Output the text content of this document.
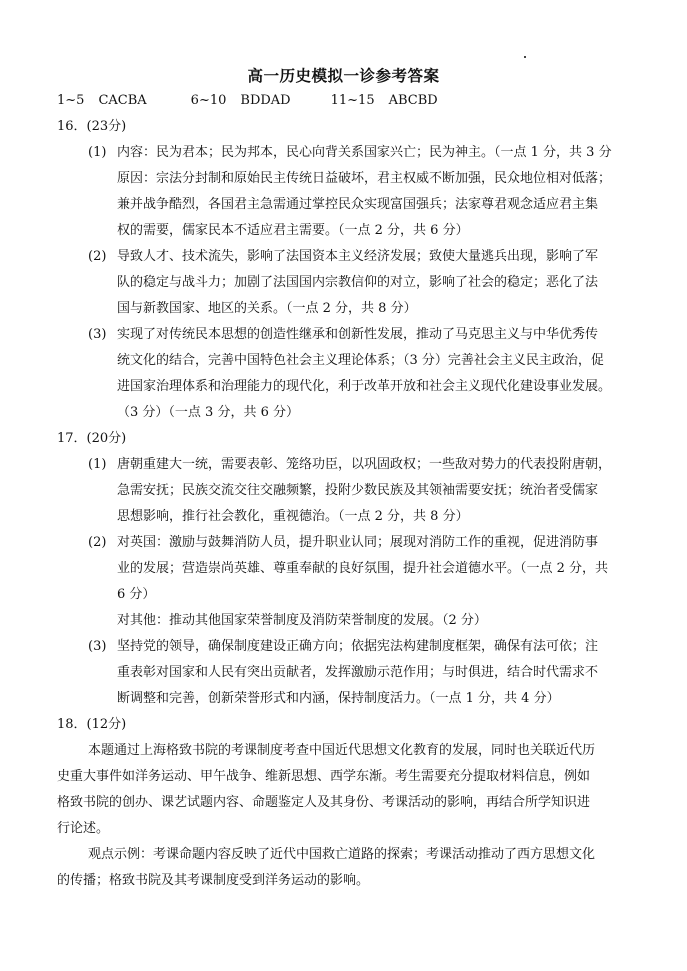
高一历史模拟一诊参考答案
1~5 CACBA	6~10 BDDAD	11~15 ABCBD
16．(23分)
(1) 内容：民为君本；民为邦本，民心向背关系国家兴亡；民为神主。（一点 1 分，共 3 分
原因：宗法分封制和原始民主传统日益破坏，君主权威不断加强，民众地位相对低落；
兼并战争酷烈，各国君主急需通过掌控民众实现富国强兵；法家尊君观念适应君主集
权的需要，儒家民本不适应君主需要。（一点 2 分，共 6 分）
(2) 导致人才、技术流失，影响了法国资本主义经济发展；致使大量逃兵出现，影响了军
队的稳定与战斗力；加剧了法国国内宗教信仰的对立，影响了社会的稳定；恶化了法
国与新教国家、地区的关系。（一点 2 分，共 8 分）
(3) 实现了对传统民本思想的创造性继承和创新性发展，推动了马克思主义与中华优秀传
统文化的结合，完善中国特色社会主义理论体系；（3 分）完善社会主义民主政治，促
进国家治理体系和治理能力的现代化，利于改革开放和社会主义现代化建设事业发展。
（3 分）（一点 3 分，共 6 分）
17．(20分)
(1) 唐朝重建大一统，需要表彰、笼络功臣，以巩固政权；一些敌对势力的代表投附唐朝，
急需安抚；民族交流交往交融频繁，投附少数民族及其领袖需要安抚；统治者受儒家
思想影响，推行社会教化，重视德治。（一点 2 分，共 8 分）
(2) 对英国：激励与鼓舞消防人员，提升职业认同；展现对消防工作的重视，促进消防事
业的发展；营造崇尚英雄、尊重奉献的良好氛围，提升社会道德水平。（一点 2 分，共
6 分）
对其他：推动其他国家荣誉制度及消防荣誉制度的发展。（2 分）
(3) 坚持党的领导，确保制度建设正确方向；依据宪法构建制度框架，确保有法可依；注
重表彰对国家和人民有突出贡献者，发挥激励示范作用；与时俱进，结合时代需求不
断调整和完善，创新荣誉形式和内涵，保持制度活力。（一点 1 分，共 4 分）
18．(12分)
本题通过上海格致书院的考课制度考查中国近代思想文化教育的发展，同时也关联近代历
史重大事件如洋务运动、甲午战争、维新思想、西学东渐。考生需要充分提取材料信息，例如
格致书院的创办、课艺试题内容、命题鉴定人及其身份、考课活动的影响，再结合所学知识进
行论述。
观点示例：考课命题内容反映了近代中国救亡道路的探索；考课活动推动了西方思想文化
的传播；格致书院及其考课制度受到洋务运动的影响。
